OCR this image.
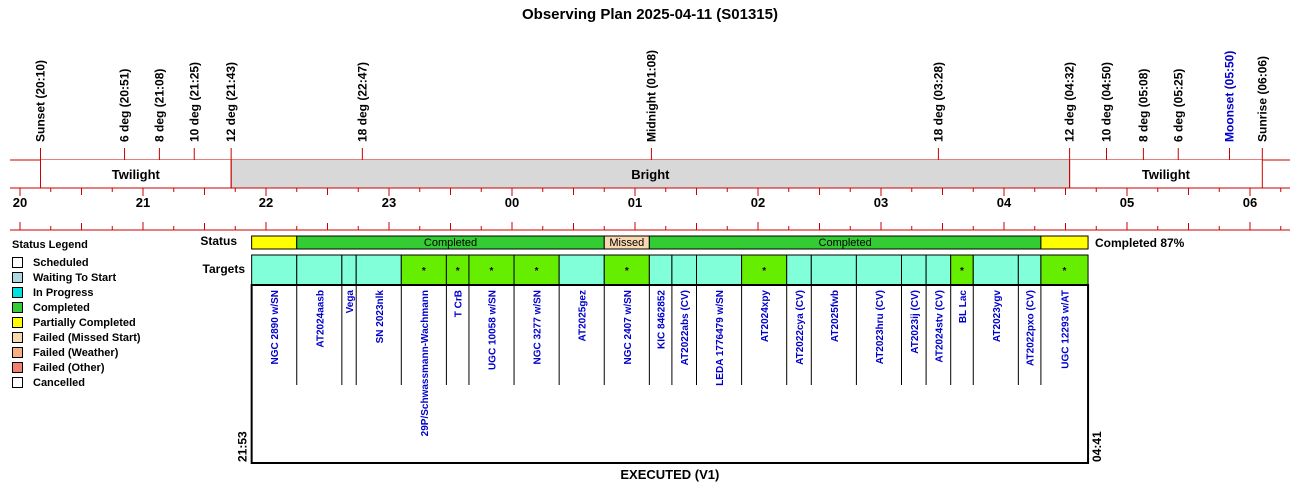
Observing Plan 2025-04-11 (S01315)
Sunset (20:10)	6 deg (20:51) 8 deg (21:08) 10 deg (21:25) 12 deg (21:43)	18 deg (22:47)	Midnight (01:08)	18 deg (03:28)	12 deg (04:32) 10 deg (04:50) 8 deg (05:08) 6 deg (05:25)	Moonset (05:50) Sunrise (06:06)
Twilight	Bright	Twilight
20	21	22	23	00	01	02	03	04	05	06
Status
Targets
Completed	Missed	Completed	Completed 87%
NGC 2890 w/SN	AT2024aasb Vega SN 2023nlk
*
29P/Schwassmann-Wachmann
*
T CrB
*
UGC 10058 w/SN
*
NGC 3277 w/SN	AT2025gez
*
NGC 2407 w/SN KIC 8462852 AT2022abs (CV) LEDA 1776479 w/SN
*
AT2024xpy AT2022cya (CV) AT2025fwb	AT2023hru (CV) AT2023ij (CV) AT2024stv (CV)
*
BL Lac AT2023ygv AT2022pxo (CV)
*
UGC 12293 w/AT
21:53	04:41
EXECUTED (V1)
Status Legend
Scheduled
Waiting To Start
In Progress
Completed
Partially Completed
Failed (Missed Start)
Failed (Weather)
Failed (Other)
Cancelled
